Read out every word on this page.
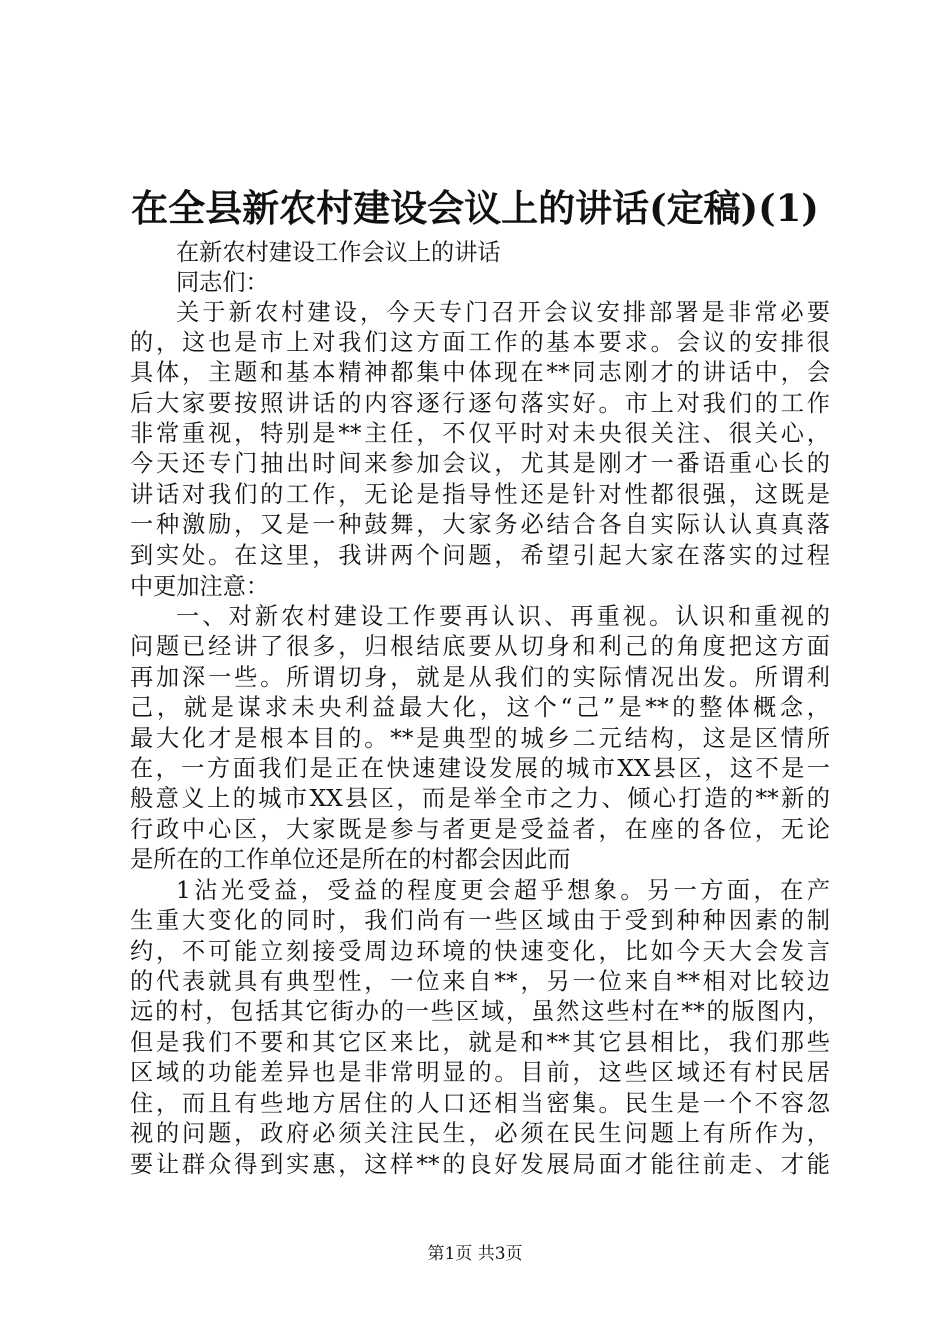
在全县新农村建设会议上的讲话(定稿)(1)
在新农村建设工作会议上的讲话
同志们：
关于新农村建设，今天专门召开会议安排部署是非常必要
的，这也是市上对我们这方面工作的基本要求。会议的安排很
具体，主题和基本精神都集中体现在**同志刚才的讲话中，会
后大家要按照讲话的内容逐行逐句落实好。市上对我们的工作
非常重视，特别是**主任，不仅平时对未央很关注、很关心，
今天还专门抽出时间来参加会议，尤其是刚才一番语重心长的
讲话对我们的工作，无论是指导性还是针对性都很强，这既是
一种激励，又是一种鼓舞，大家务必结合各自实际认认真真落
到实处。在这里，我讲两个问题，希望引起大家在落实的过程
中更加注意：
一、对新农村建设工作要再认识、再重视。认识和重视的
问题已经讲了很多，归根结底要从切身和利己的角度把这方面
再加深一些。所谓切身，就是从我们的实际情况出发。所谓利
己，就是谋求未央利益最大化，这个“己”是**的整体概念，
最大化才是根本目的。**是典型的城乡二元结构，这是区情所
在，一方面我们是正在快速建设发展的城市XX县区，这不是一
般意义上的城市XX县区，而是举全市之力、倾心打造的**新的
行政中心区，大家既是参与者更是受益者，在座的各位，无论
是所在的工作单位还是所在的村都会因此而
1沾光受益，受益的程度更会超乎想象。另一方面，在产
生重大变化的同时，我们尚有一些区域由于受到种种因素的制
约，不可能立刻接受周边环境的快速变化，比如今天大会发言
的代表就具有典型性，一位来自**，另一位来自**相对比较边
远的村，包括其它街办的一些区域，虽然这些村在**的版图内，
但是我们不要和其它区来比，就是和**其它县相比，我们那些
区域的功能差异也是非常明显的。目前，这些区域还有村民居
住，而且有些地方居住的人口还相当密集。民生是一个不容忽
视的问题，政府必须关注民生，必须在民生问题上有所作为，
要让群众得到实惠，这样**的良好发展局面才能往前走、才能
第1页 共3页
